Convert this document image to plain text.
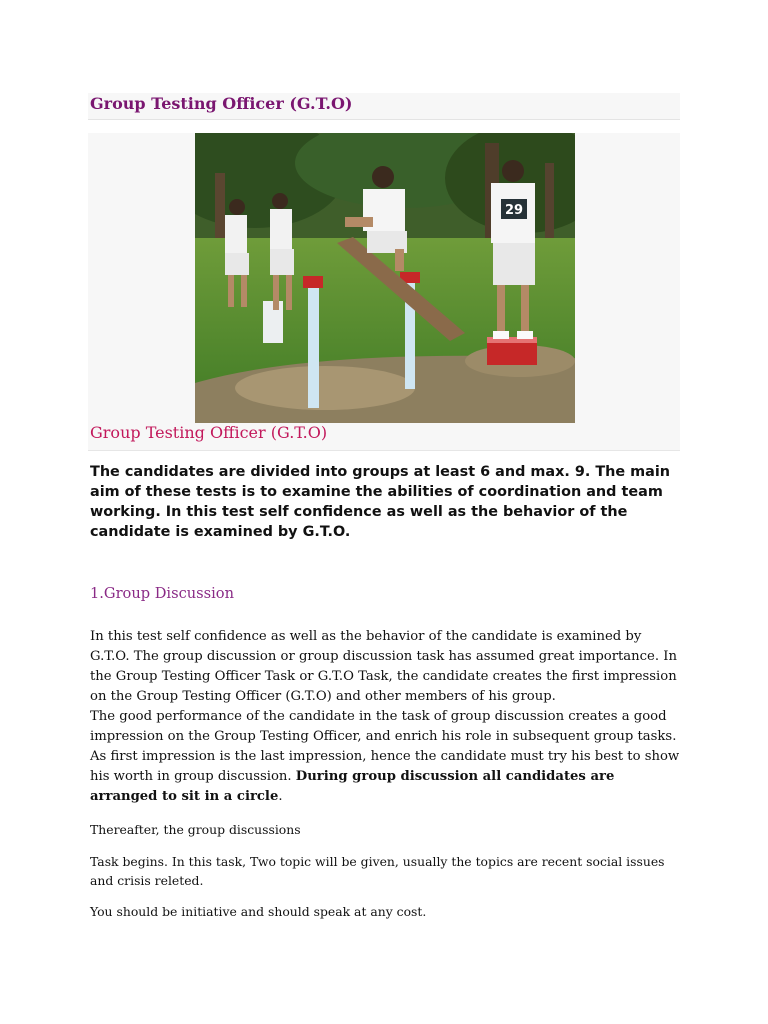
Group Testing Officer (G.T.O)
29

Group Testing Officer (G.T.O)

The candidates are divided into groups at least 6 and max. 9. The main aim of these tests is to examine the abilities of coordination and team working. In this test self confidence as well as the behavior of the candidate is examined by G.T.O.

1.Group Discussion
In this test self confidence as well as the behavior of the candidate is examined by G.T.O. The group discussion or group discussion task has assumed great importance. In the Group Testing Officer Task or G.T.O Task, the candidate creates the first impression on the Group Testing Officer (G.T.O) and other members of his group.
The good performance of the candidate in the task of group discussion creates a good impression on the Group Testing Officer, and enrich his role in subsequent group tasks. As first impression is the last impression, hence the candidate must try his best to show his worth in group discussion. During group discussion all candidates are arranged to sit in a circle.

Thereafter, the group discussions

Task begins. In this task, Two topic will be given, usually the topics are recent social issues and crisis releted.

You should be initiative and should speak at any cost.
